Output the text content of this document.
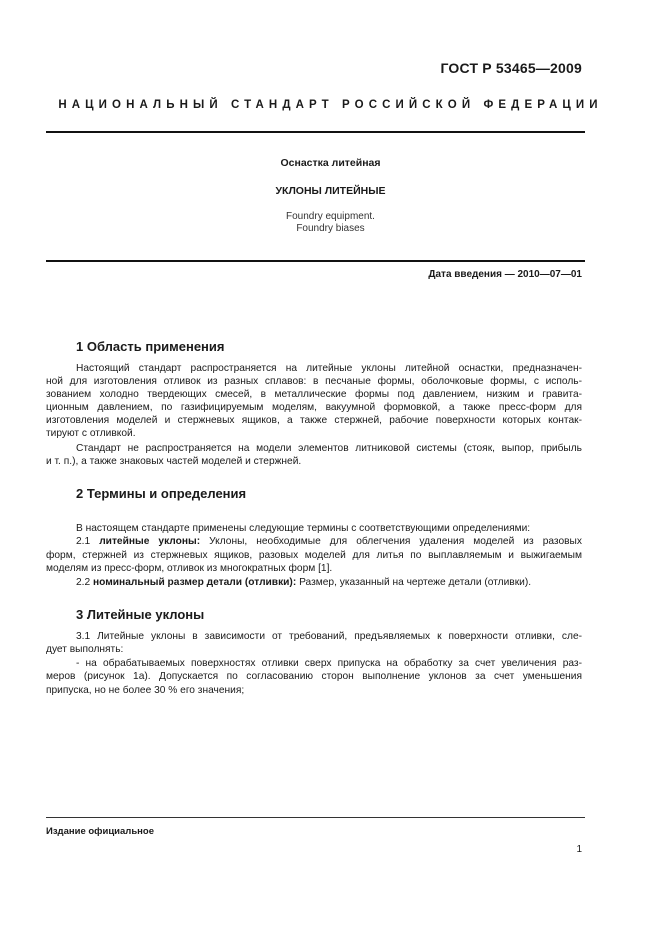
ГОСТ Р 53465—2009
НАЦИОНАЛЬНЫЙ СТАНДАРТ РОССИЙСКОЙ ФЕДЕРАЦИИ
Оснастка литейная
УКЛОНЫ ЛИТЕЙНЫЕ
Foundry equipment.
Foundry biases
Дата введения — 2010—07—01
1 Область применения
Настоящий стандарт распространяется на литейные уклоны литейной оснастки, предназначен-
ной для изготовления отливок из разных сплавов: в песчаные формы, оболочковые формы, с исполь-
зованием холодно твердеющих смесей, в металлические формы под давлением, низким и гравита-
ционным давлением, по газифицируемым моделям, вакуумной формовкой, а также пресс-форм для
изготовления моделей и стержневых ящиков, а также стержней, рабочие поверхности которых контак-
тируют с отливкой.
Стандарт не распространяется на модели элементов литниковой системы (стояк, выпор, прибыль
и т. п.), а также знаковых частей моделей и стержней.
2 Термины и определения
В настоящем стандарте применены следующие термины с соответствующими определениями:
2.1 литейные уклоны: Уклоны, необходимые для облегчения удаления моделей из разовых
форм, стержней из стержневых ящиков, разовых моделей для литья по выплавляемым и выжигаемым
моделям из пресс-форм, отливок из многократных форм [1].
2.2 номинальный размер детали (отливки): Размер, указанный на чертеже детали (отливки).
3 Литейные уклоны
3.1 Литейные уклоны в зависимости от требований, предъявляемых к поверхности отливки, сле-
дует выполнять:
- на обрабатываемых поверхностях отливки сверх припуска на обработку за счет увеличения раз-
меров (рисунок 1а). Допускается по согласованию сторон выполнение уклонов за счет уменьшения
припуска, но не более 30 % его значения;
Издание официальное
1
